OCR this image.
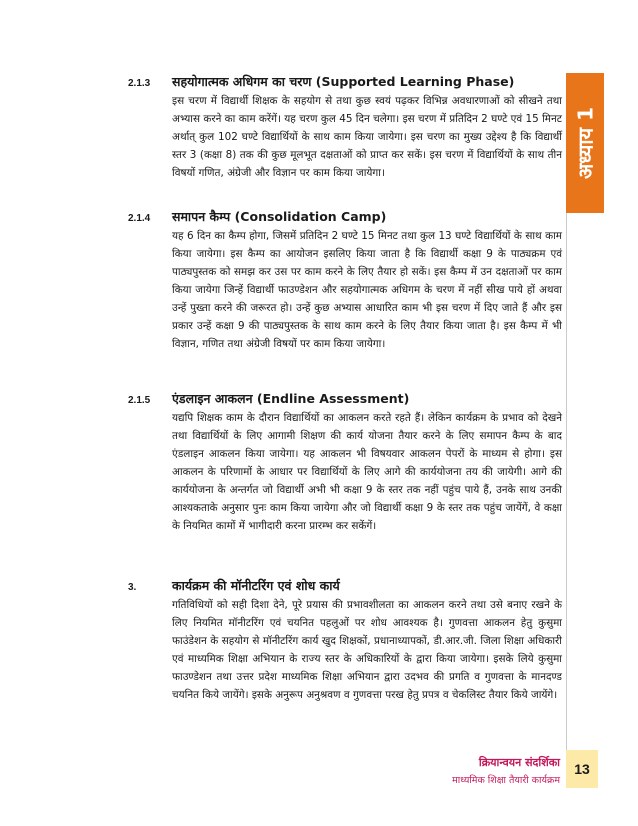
अध्याय 1
2.1.3	सहयोगात्मक अधिगम का चरण (Supported Learning Phase)
इस चरण में विद्यार्थी शिक्षक के सहयोग से तथा कुछ स्वयं पढ़कर विभिन्न अवधारणाओं को सीखने तथा अभ्यास करने का काम करेंगें। यह चरण कुल 45 दिन चलेगा। इस चरण में प्रतिदिन 2 घण्टे एवं 15 मिनट अर्थात् कुल 102 घण्टे विद्यार्थियों के साथ काम किया जायेगा। इस चरण का मुख्य उद्देश्य है कि विद्यार्थी स्तर 3 (कक्षा 8) तक की कुछ मूलभूत दक्षताओं को प्राप्त कर सकें। इस चरण में विद्यार्थियों के साथ तीन विषयों गणित, अंग्रेजी और विज्ञान पर काम किया जायेगा।
2.1.4	समापन कैम्प (Consolidation Camp)
यह 6 दिन का कैम्प होगा, जिसमें प्रतिदिन 2 घण्टे 15 मिनट तथा कुल 13 घण्टे विद्यार्थियों के साथ काम किया जायेगा। इस कैम्प का आयोजन इसलिए किया जाता है कि विद्यार्थी कक्षा 9 के पाठ्यक्रम एवं पाठ्यपुस्तक को समझ कर उस पर काम करने के लिए तैयार हो सकें। इस कैम्प में उन दक्षताओं पर काम किया जायेगा जिन्हें विद्यार्थी फाउण्डेशन और सहयोगात्मक अधिगम के चरण में नहीं सीख पाये हों अथवा उन्हें पुख्ता करने की जरूरत हो। उन्हें कुछ अभ्यास आधारित काम भी इस चरण में दिए जाते हैं और इस प्रकार उन्हें कक्षा 9 की पाठ्यपुस्तक के साथ काम करने के लिए तैयार किया जाता है। इस कैम्प में भी विज्ञान, गणित तथा अंग्रेजी विषयों पर काम किया जायेगा।
2.1.5	एंडलाइन आकलन (Endline Assessment)
यद्यपि शिक्षक काम के दौरान विद्यार्थियों का आकलन करते रहते हैं। लेकिन कार्यक्रम के प्रभाव को देखने तथा विद्यार्थियों के लिए आगामी शिक्षण की कार्य योजना तैयार करने के लिए समापन कैम्प के बाद एंडलाइन आकलन किया जायेगा। यह आकलन भी विषयवार आकलन पेपरों के माध्यम से होगा। इस आकलन के परिणामों के आधार पर विद्यार्थियों के लिए आगे की कार्ययोजना तय की जायेगी। आगे की कार्ययोजना के अन्तर्गत जो विद्यार्थी अभी भी कक्षा 9 के स्तर तक नहीं पहुंच पाये हैं, उनके साथ उनकी आश्यकताके अनुसार पुनः काम किया जायेगा और जो विद्यार्थी कक्षा 9 के स्तर तक पहुंच जायेंगें, वे कक्षा के नियमित कामों में भागीदारी करना प्रारम्भ कर सकेंगें।
3.	कार्यक्रम की मॉनीटरिंग एवं शोध कार्य
गतिविधियों को सही दिशा देने, पूरे प्रयास की प्रभावशीलता का आकलन करने तथा उसे बनाए रखने के लिए नियमित मॉनीटरिंग एवं चयनित पहलुओं पर शोध आवश्यक है। गुणवत्ता आकलन हेतु कुसुमा फाउंडेशन के सहयोग से मॉनीटरिंग कार्य खुद शिक्षकों, प्रधानाध्यापकों, डी.आर.जी. जिला शिक्षा अधिकारी एवं माध्यमिक शिक्षा अभियान के राज्य स्तर के अधिकारियों के द्वारा किया जायेगा। इसके लिये कुसुमा फाउण्डेशन तथा उत्तर प्रदेश माध्यमिक शिक्षा अभियान द्वारा उदभव की प्रगति व गुणवत्ता के मानदण्ड चयनित किये जायेंगे। इसके अनुरूप अनुश्रवण व गुणवत्ता परख हेतु प्रपत्र व चेकलिस्ट तैयार किये जायेंगे।
क्रियान्वयन संदर्शिका
माध्यमिक शिक्षा तैयारी कार्यक्रम
13
